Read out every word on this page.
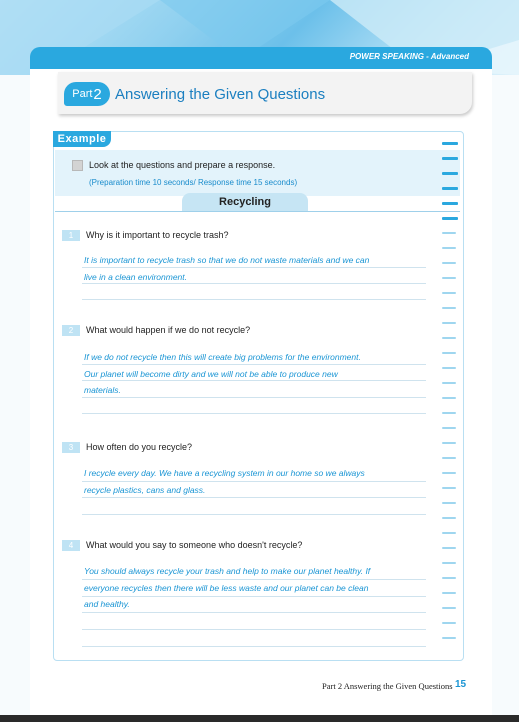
POWER SPEAKING - Advanced
Part 2 Answering the Given Questions
Example
Look at the questions and prepare a response.
(Preparation time 10 seconds/ Response time 15 seconds)
Recycling
1	Why is it important to recycle trash?
It is important to recycle trash so that we do not waste materials and we can
live in a clean environment.
2	What would happen if we do not recycle?
If we do not recycle then this will create big problems for the environment.
Our planet will become dirty and we will not be able to produce new
materials.
3	How often do you recycle?
I recycle every day. We have a recycling system in our home so we always
recycle plastics, cans and glass.
4	What would you say to someone who doesn't recycle?
You should always recycle your trash and help to make our planet healthy. If
everyone recycles then there will be less waste and our planet can be clean
and healthy.
Part 2 Answering the Given Questions 15
